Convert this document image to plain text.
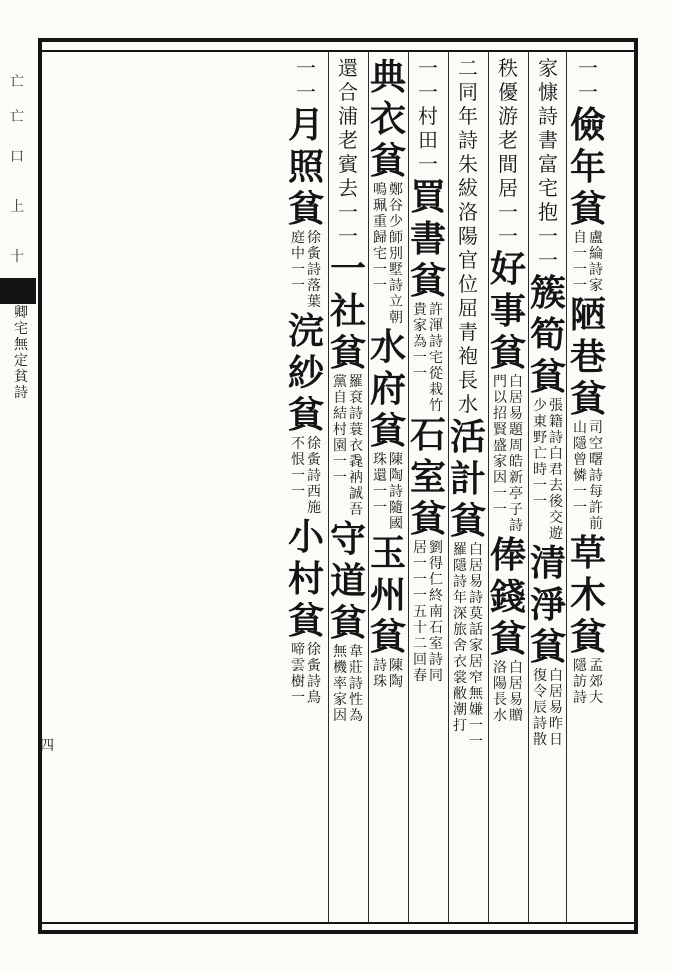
亡
亡
口
上
十
卿
宅
無
定
貧
詩
四
一
一
儉
年
貧
盧
綸
詩
家
自
一
一
一
陋
巷
貧
司
空
曙
詩
每
許
前
山
隱
曾
憐
一
一
草
木
貧
孟
郊
大
隱
訪
詩
家
慷
詩
書
富
宅
抱
一
一
簇
筍
貧
張
籍
詩
白
君
去
後
交
遊
少
東
野
亡
時
一
一
清
淨
貧
白
居
易
昨
日
復
令
辰
詩
散
秩
優
游
老
間
居
一
一
好
事
貧
白
居
易
題
周
皓
新
亭
子
詩
門
以
招
賢
盛
家
因
一
一
俸
錢
貧
白
居
易
贈
洛
陽
長
水
二
同
年
詩
朱
紱
洛
陽
官
位
屈
青
袍
長
水
活
計
貧
白
居
易
詩
莫
話
家
居
窄
無
嫌
一
一
羅
隱
詩
年
深
旅
舍
衣
裳
敝
潮
打
一
一
村
田
一
買
書
貧
許
渾
詩
宅
從
栽
竹
貴
家
為
一
一
石
室
貧
劉
得
仁
終
南
石
室
詩
同
居
一
一
一
五
十
二
回
春
典
衣
貧
鄭
谷
少
師
別
墅
詩
立
朝
鳴
珮
重
歸
宅
一
一
水
府
貧
陳
陶
詩
隨
國
珠
還
一
一
玉
州
貧
陳
陶
詩
珠
還
合
浦
老
賓
去
一
一
一
社
貧
羅
袞
詩
蓑
衣
毳
衲
誠
吾
黨
自
結
村
園
一
一
守
道
貧
韋
莊
詩
性
為
無
機
率
家
因
一
一
月
照
貧
徐
夤
詩
落
葉
庭
中
一
一
浣
紗
貧
徐
夤
詩
西
施
不
恨
一
一
小
村
貧
徐
夤
詩
鳥
啼
雲
樹
一
